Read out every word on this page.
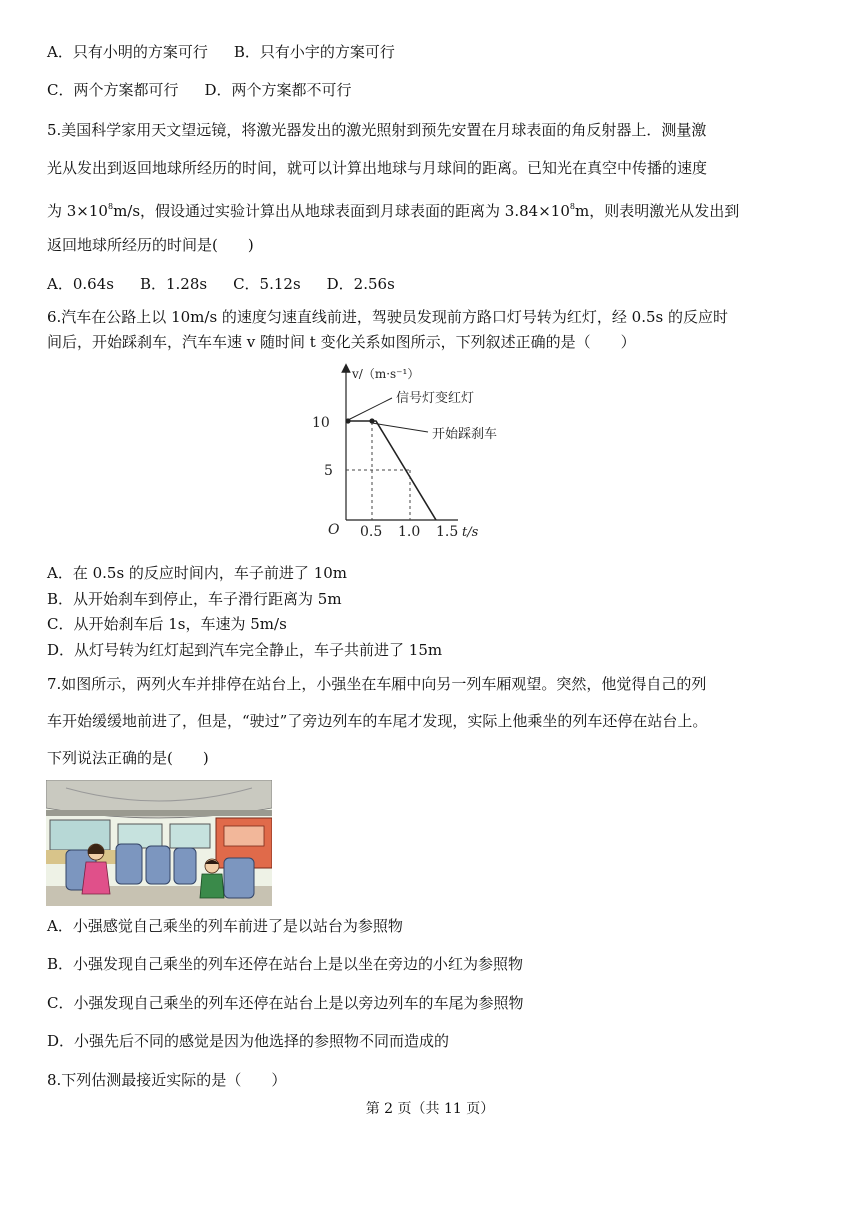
A．只有小明的方案可行 B．只有小宇的方案可行
C．两个方案都可行 D．两个方案都不可行
5.美国科学家用天文望远镜，将激光器发出的激光照射到预先安置在月球表面的角反射器上．测量激
光从发出到返回地球所经历的时间，就可以计算出地球与月球间的距离。已知光在真空中传播的速度
为 $3\times 10^8m/s$，假设通过实验计算出从地球表面到月球表面的距离为 $3.84\times 10^8m$，则表明激光从发出到
返回地球所经历的时间是(　　)
A．0.64s B．1.28s C．5.12s D．2.56s
6.汽车在公路上以 10m/s 的速度匀速直线前进，驾驶员发现前方路口灯号转为红灯，经 0.5s 的反应时
间后，开始踩刹车，汽车车速 v 随时间 t 变化关系如图所示，下列叙述正确的是（　　）
v/（m·s⁻¹）
信号灯变红灯
开始踩刹车
10
5
O 0.5 1.0 1.5 t/s
A．在 0.5s 的反应时间内，车子前进了 10m
B．从开始刹车到停止，车子滑行距离为 5m
C．从开始刹车后 1s，车速为 5m/s
D．从灯号转为红灯起到汽车完全静止，车子共前进了 15m
7.如图所示，两列火车并排停在站台上，小强坐在车厢中向另一列车厢观望。突然，他觉得自己的列
车开始缓缓地前进了，但是，“驶过”了旁边列车的车尾才发现，实际上他乘坐的列车还停在站台上。
下列说法正确的是(　　)
A．小强感觉自己乘坐的列车前进了是以站台为参照物
B．小强发现自己乘坐的列车还停在站台上是以坐在旁边的小红为参照物
C．小强发现自己乘坐的列车还停在站台上是以旁边列车的车尾为参照物
D．小强先后不同的感觉是因为他选择的参照物不同而造成的
8.下列估测最接近实际的是（　　）
第 2 页（共 11 页）
